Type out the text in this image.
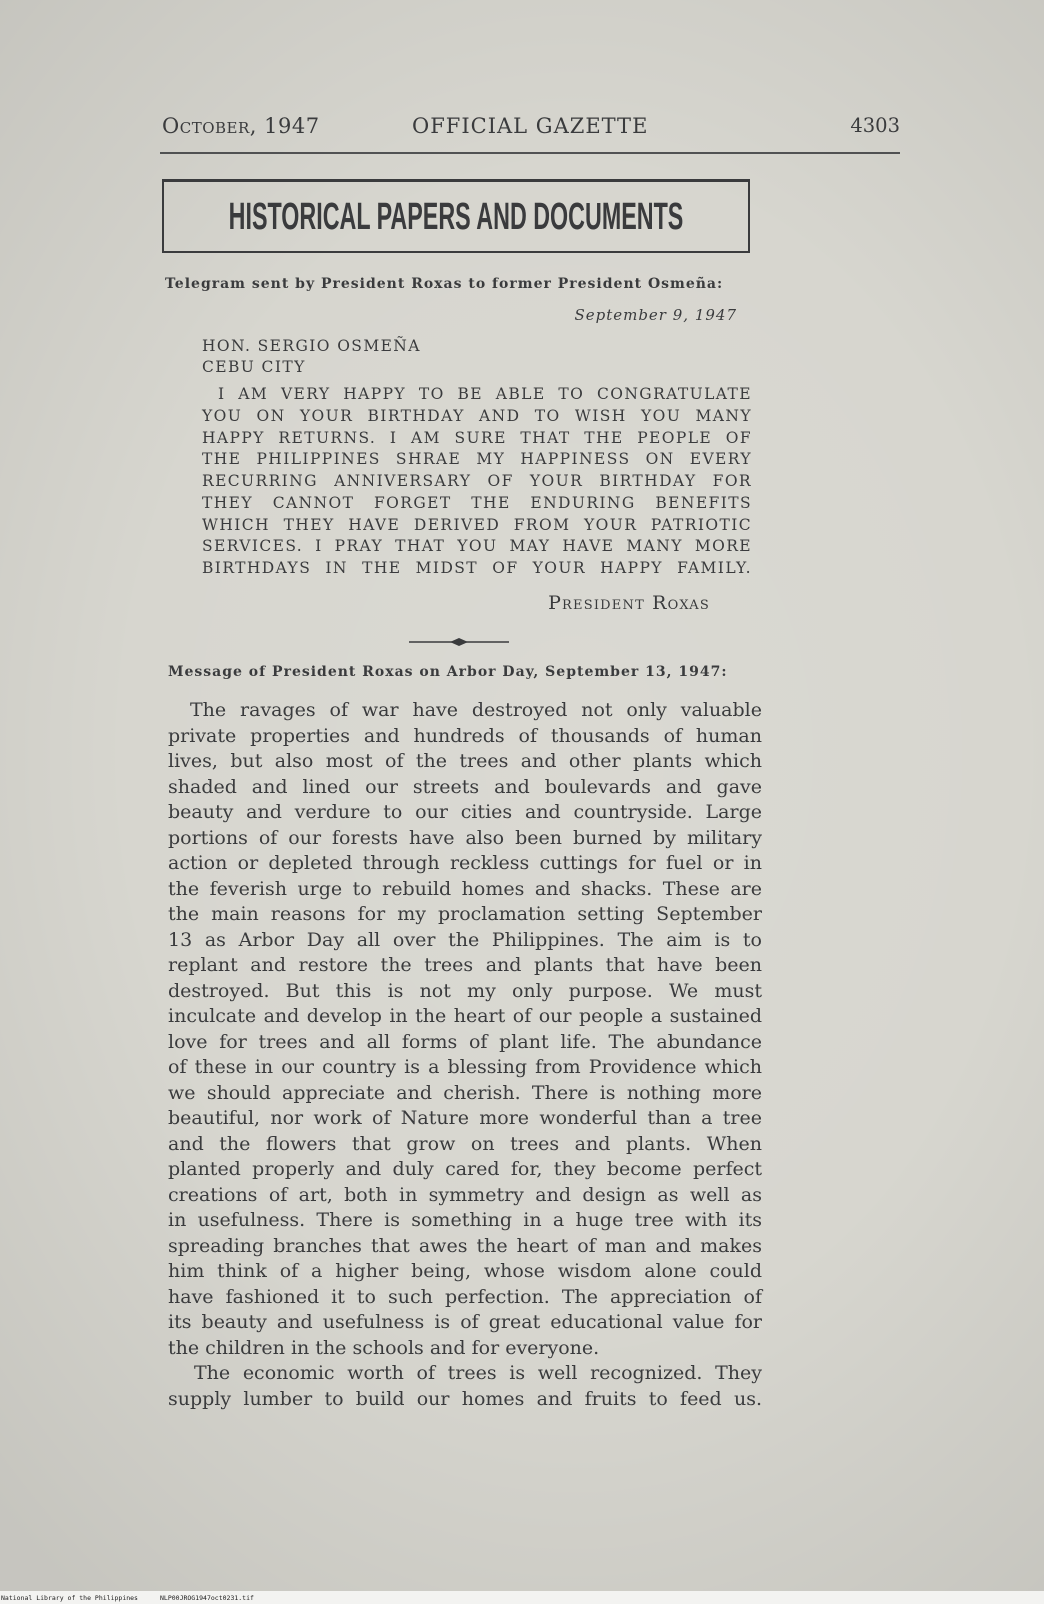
October, 1947	OFFICIAL GAZETTE	4303
HISTORICAL PAPERS AND DOCUMENTS
Telegram sent by President Roxas to former President Osmeña:
September 9, 1947
HON. SERGIO OSMEÑA
CEBU CITY
I AM VERY HAPPY TO BE ABLE TO CONGRATULATE
YOU ON YOUR BIRTHDAY AND TO WISH YOU MANY
HAPPY RETURNS. I AM SURE THAT THE PEOPLE OF
THE PHILIPPINES SHRAE MY HAPPINESS ON EVERY
RECURRING ANNIVERSARY OF YOUR BIRTHDAY FOR
THEY CANNOT FORGET THE ENDURING BENEFITS
WHICH THEY HAVE DERIVED FROM YOUR PATRIOTIC
SERVICES. I PRAY THAT YOU MAY HAVE MANY MORE
BIRTHDAYS IN THE MIDST OF YOUR HAPPY FAMILY.
President Roxas
Message of President Roxas on Arbor Day, September 13, 1947:
The ravages of war have destroyed not only valuable
private properties and hundreds of thousands of human
lives, but also most of the trees and other plants which
shaded and lined our streets and boulevards and gave
beauty and verdure to our cities and countryside. Large
portions of our forests have also been burned by military
action or depleted through reckless cuttings for fuel or in
the feverish urge to rebuild homes and shacks. These are
the main reasons for my proclamation setting September
13 as Arbor Day all over the Philippines. The aim is to
replant and restore the trees and plants that have been
destroyed. But this is not my only purpose. We must
inculcate and develop in the heart of our people a sustained
love for trees and all forms of plant life. The abundance
of these in our country is a blessing from Providence which
we should appreciate and cherish. There is nothing more
beautiful, nor work of Nature more wonderful than a tree
and the flowers that grow on trees and plants. When
planted properly and duly cared for, they become perfect
creations of art, both in symmetry and design as well as
in usefulness. There is something in a huge tree with its
spreading branches that awes the heart of man and makes
him think of a higher being, whose wisdom alone could
have fashioned it to such perfection. The appreciation of
its beauty and usefulness is of great educational value for
the children in the schools and for everyone.
The economic worth of trees is well recognized. They
supply lumber to build our homes and fruits to feed us.
National Library of the Philippines	NLP00JROG1947oct0231.tif
